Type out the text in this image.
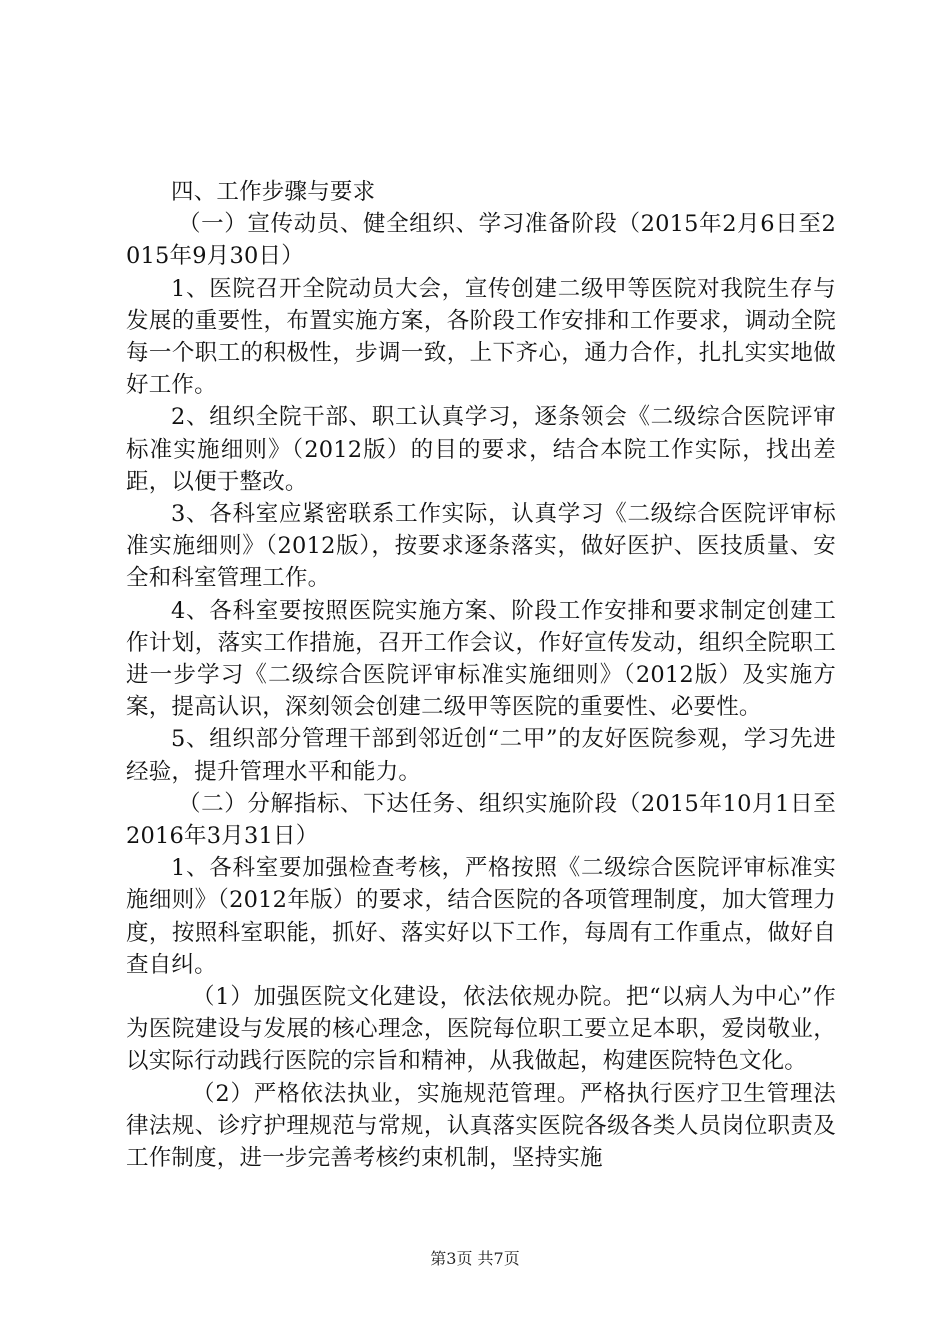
四、工作步骤与要求

（一）宣传动员、健全组织、学习准备阶段（2015年2月6日至2015年9月30日）

1、医院召开全院动员大会，宣传创建二级甲等医院对我院生存与发展的重要性，布置实施方案，各阶段工作安排和工作要求，调动全院每一个职工的积极性，步调一致，上下齐心，通力合作，扎扎实实地做好工作。

2、组织全院干部、职工认真学习，逐条领会《二级综合医院评审标准实施细则》（2012版）的目的要求，结合本院工作实际，找出差距，以便于整改。

3、各科室应紧密联系工作实际，认真学习《二级综合医院评审标准实施细则》（2012版），按要求逐条落实，做好医护、医技质量、安全和科室管理工作。

4、各科室要按照医院实施方案、阶段工作安排和要求制定创建工作计划，落实工作措施，召开工作会议，作好宣传发动，组织全院职工进一步学习《二级综合医院评审标准实施细则》（2012版）及实施方案，提高认识，深刻领会创建二级甲等医院的重要性、必要性。

5、组织部分管理干部到邻近创“二甲”的友好医院参观，学习先进经验，提升管理水平和能力。

（二）分解指标、下达任务、组织实施阶段（2015年10月1日至2016年3月31日）

1、各科室要加强检查考核，严格按照《二级综合医院评审标准实施细则》（2012年版）的要求，结合医院的各项管理制度，加大管理力度，按照科室职能，抓好、落实好以下工作，每周有工作重点，做好自查自纠。

（1）加强医院文化建设，依法依规办院。把“以病人为中心”作为医院建设与发展的核心理念，医院每位职工要立足本职，爱岗敬业，以实际行动践行医院的宗旨和精神，从我做起，构建医院特色文化。

（2）严格依法执业，实施规范管理。严格执行医疗卫生管理法律法规、诊疗护理规范与常规，认真落实医院各级各类人员岗位职责及工作制度，进一步完善考核约束机制，坚持实施

第3页 共7页
